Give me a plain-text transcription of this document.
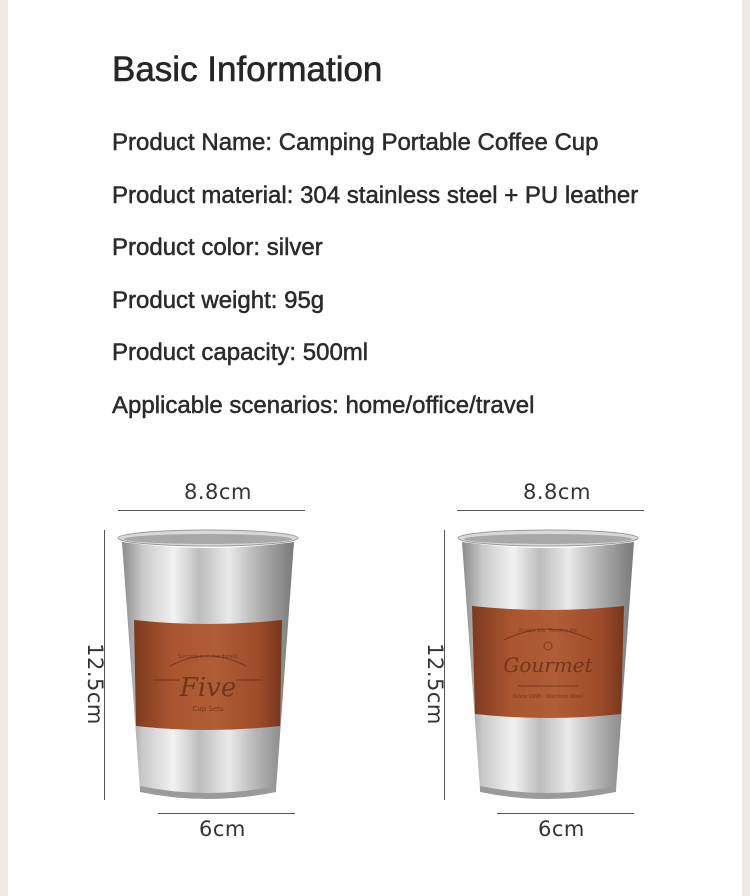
Basic Information
Product Name: Camping Portable Coffee Cup
Product material: 304 stainless steel + PU leather
Product color: silver
Product weight: 95g
Product capacity: 500ml
Applicable scenarios: home/office/travel
8.8cm
12.5cm	Five
Cup Sets
Success is in the details
6cm
8.8cm
12.5cm	Gourmet
Simple life, Healthy life
Since 1998 - Stainless Steel
6cm
